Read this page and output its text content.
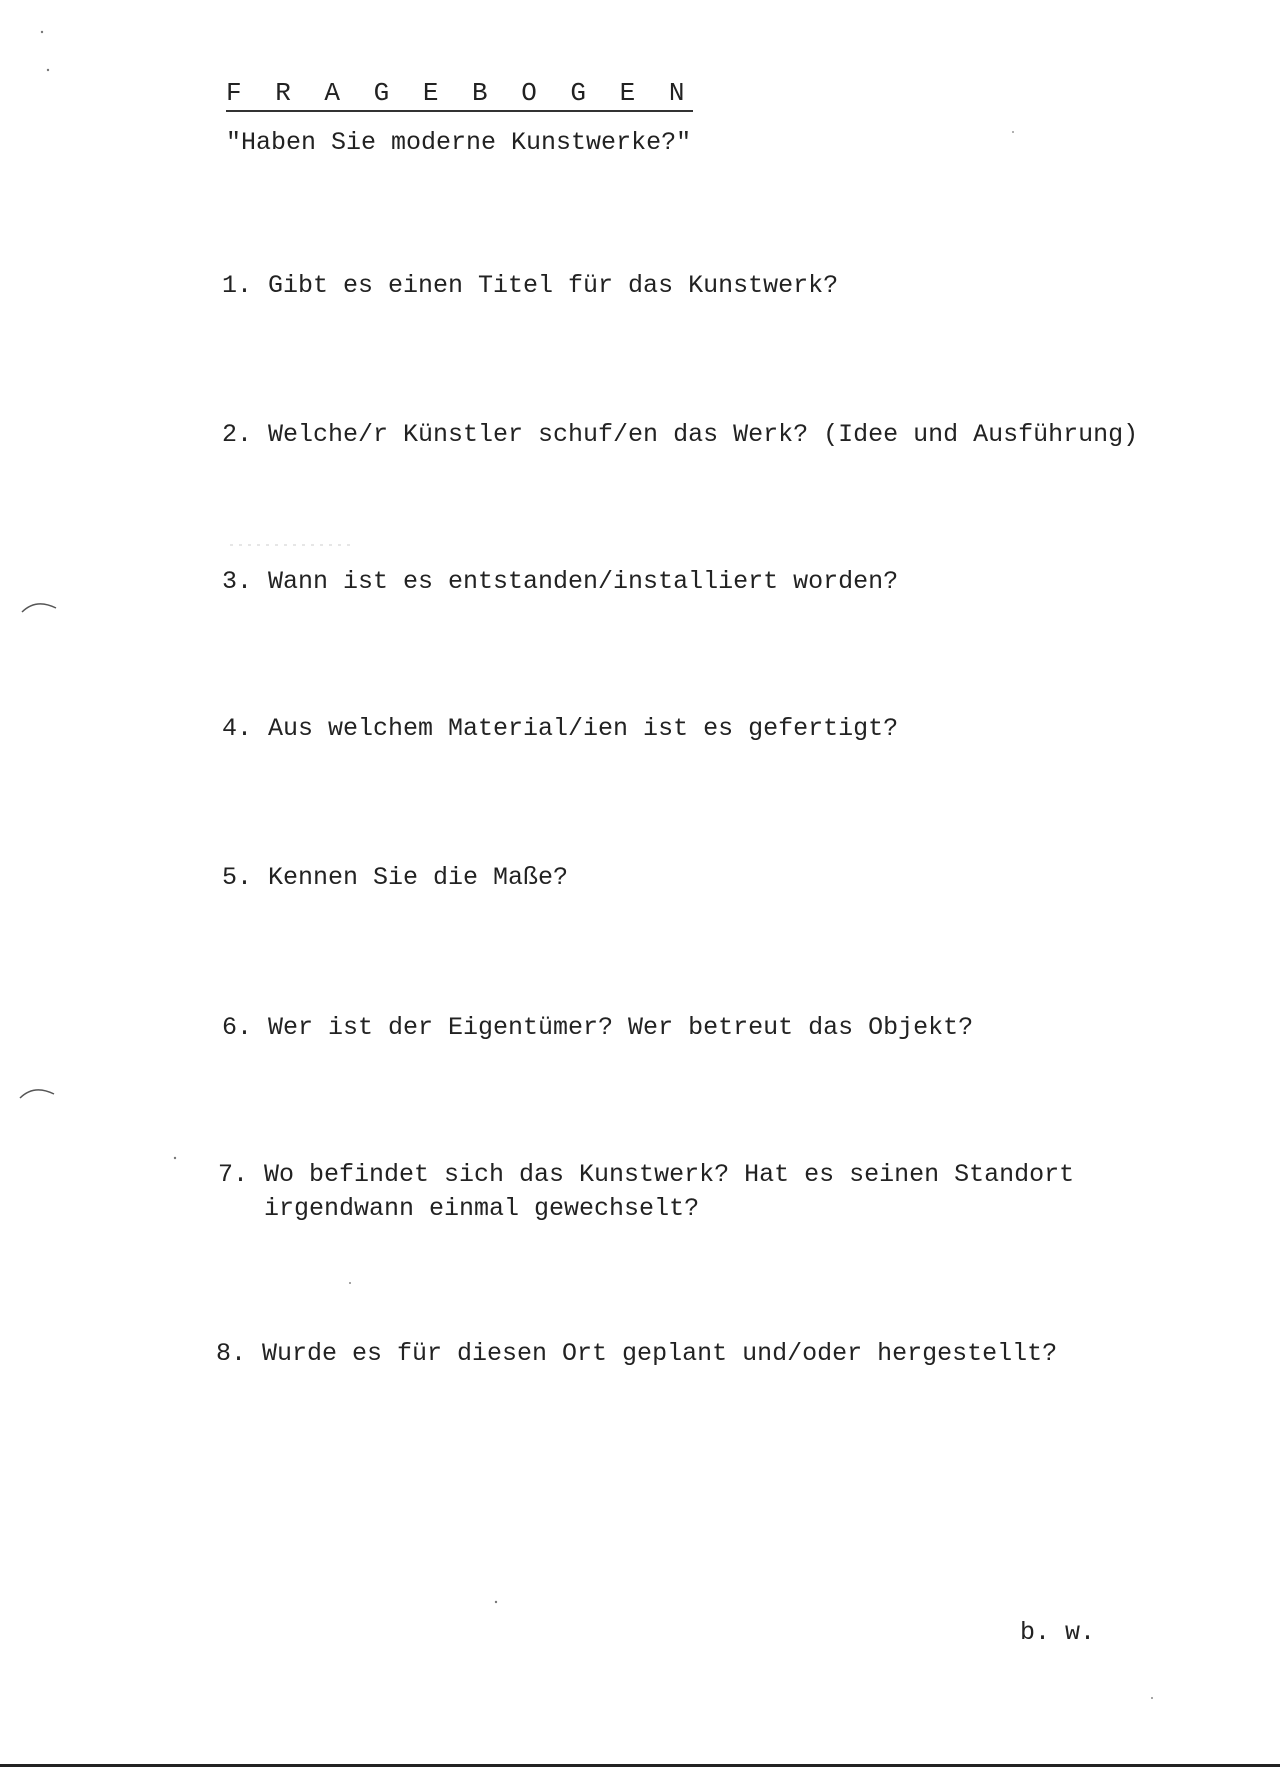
F R A G E B O G E N
"Haben Sie moderne Kunstwerke?"
1. Gibt es einen Titel für das Kunstwerk?
2. Welche/r Künstler schuf/en das Werk? (Idee und Ausführung)
3. Wann ist es entstanden/installiert worden?
4. Aus welchem Material/ien ist es gefertigt?
5. Kennen Sie die Maße?
6. Wer ist der Eigentümer? Wer betreut das Objekt?
7. Wo befindet sich das Kunstwerk? Hat es seinen Standort
irgendwann einmal gewechselt?
8. Wurde es für diesen Ort geplant und/oder hergestellt?
b. w.
